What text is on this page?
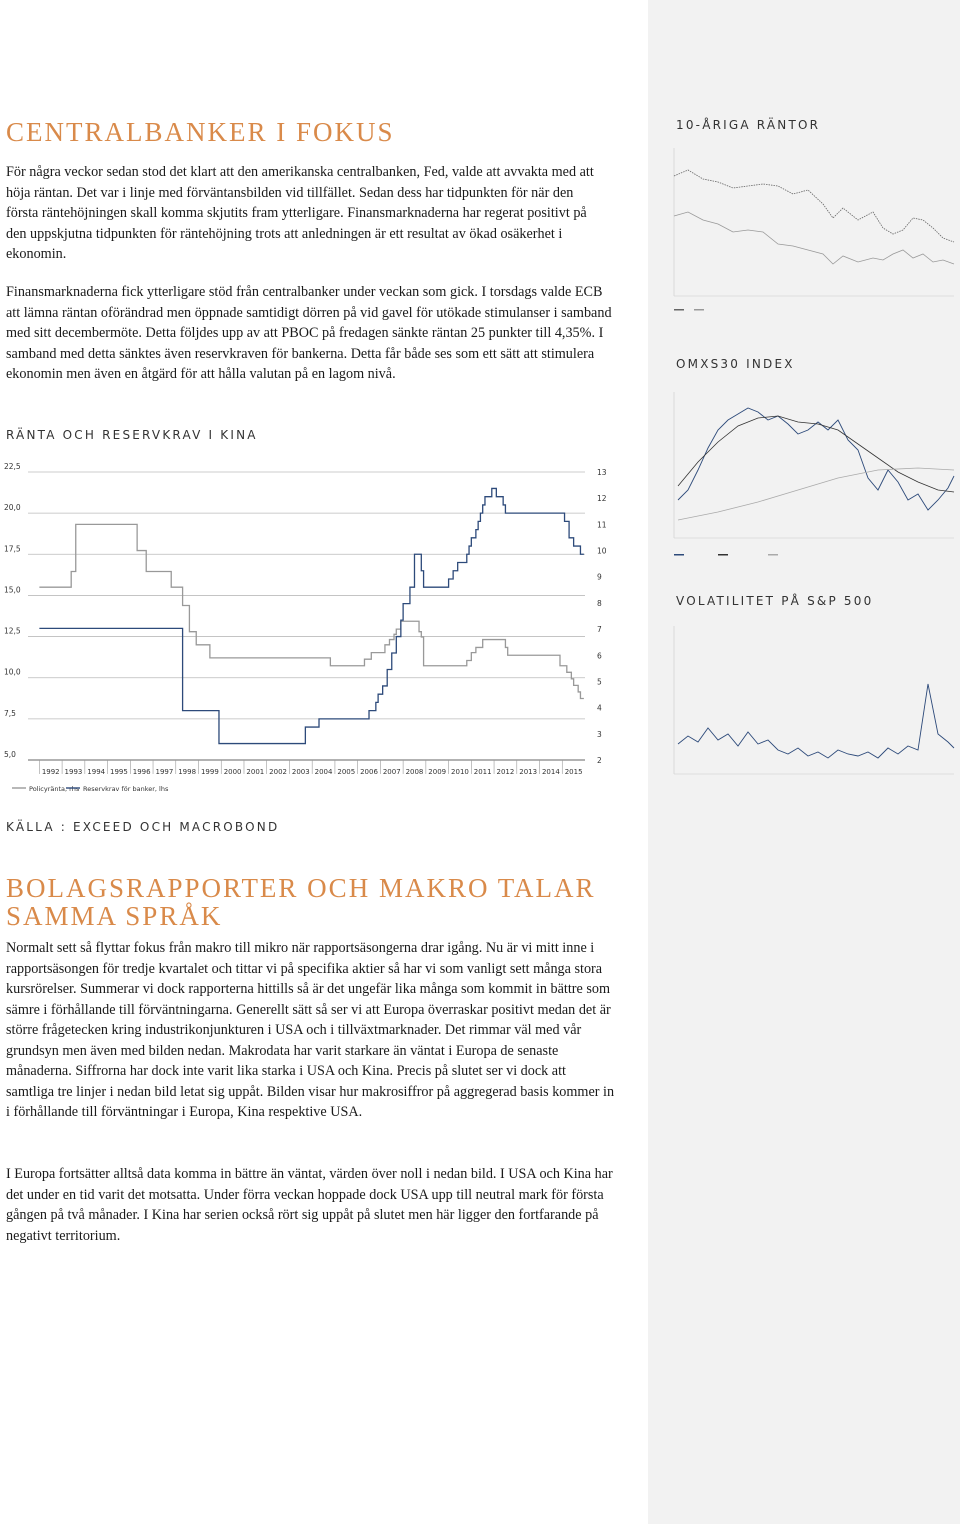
10-ÅRIGA RÄNTOR
OMXS30 INDEX
VOLATILITET PÅ S&P 500
CENTRALBANKER I FOKUS

För några veckor sedan stod det klart att den amerikanska centralbanken, Fed, valde att avvakta med att höja räntan. Det var i linje med förväntansbilden vid tillfället. Sedan dess har tidpunkten för när den första räntehöjningen skall komma skjutits fram ytterligare. Finansmarknaderna har regerat positivt på den uppskjutna tidpunkten för räntehöjning trots att anledningen är ett resultat av ökad osäkerhet i ekonomin.

Finansmarknaderna fick ytterligare stöd från centralbanker under veckan som gick. I torsdags valde ECB att lämna räntan oförändrad men öppnade samtidigt dörren på vid gavel för utökade stimulanser i samband med sitt decembermöte. Detta följdes upp av att PBOC på fredagen sänkte räntan 25 punkter till 4,35%. I samband med detta sänktes även reservkraven för bankerna. Detta får både ses som ett sätt att stimulera ekonomin men även en åtgärd för att hålla valutan på en lagom nivå.

RÄNTA OCH RESERVKRAV I KINA
5,0
7,5
10,0
12,5
15,0
17,5
20,0
22,5
2
3
4
5
6
7
8
9
10
11
12
13
1992 1993 1994 1995 1996 1997 1998 1999 2000 2001 2002 2003 2004 2005 2006 2007 2008 2009 2010 2011 2012 2013 2014 2015
Policyränta, rhs Reservkrav för banker, lhs
KÄLLA : EXCEED OCH MACROBOND
BOLAGSRAPPORTER OCH MAKRO TALAR
SAMMA SPRÅK

Normalt sett så flyttar fokus från makro till mikro när rapportsäsongerna drar igång. Nu är vi mitt inne i rapportsäsongen för tredje kvartalet och tittar vi på specifika aktier så har vi som vanligt sett många stora kursrörelser. Summerar vi dock rapporterna hittills så är det ungefär lika många som kommit in bättre som sämre i förhållande till förväntningarna. Generellt sätt så ser vi att Europa överraskar positivt medan det är större frågetecken kring industrikonjunkturen i USA och i tillväxtmarknader. Det rimmar väl med vår grundsyn men även med bilden nedan. Makrodata har varit starkare än väntat i Europa de senaste månaderna. Siffrorna har dock inte varit lika starka i USA och Kina. Precis på slutet ser vi dock att samtliga tre linjer i nedan bild letat sig uppåt. Bilden visar hur makrosiffror på aggregerad basis kommer in i förhållande till förväntningar i Europa, Kina respektive USA.

I Europa fortsätter alltså data komma in bättre än väntat, värden över noll i nedan bild. I USA och Kina har det under en tid varit det motsatta. Under förra veckan hoppade dock USA upp till neutral mark för första gången på två månader. I Kina har serien också rört sig uppåt på slutet men här ligger den fortfarande på negativt territorium.
